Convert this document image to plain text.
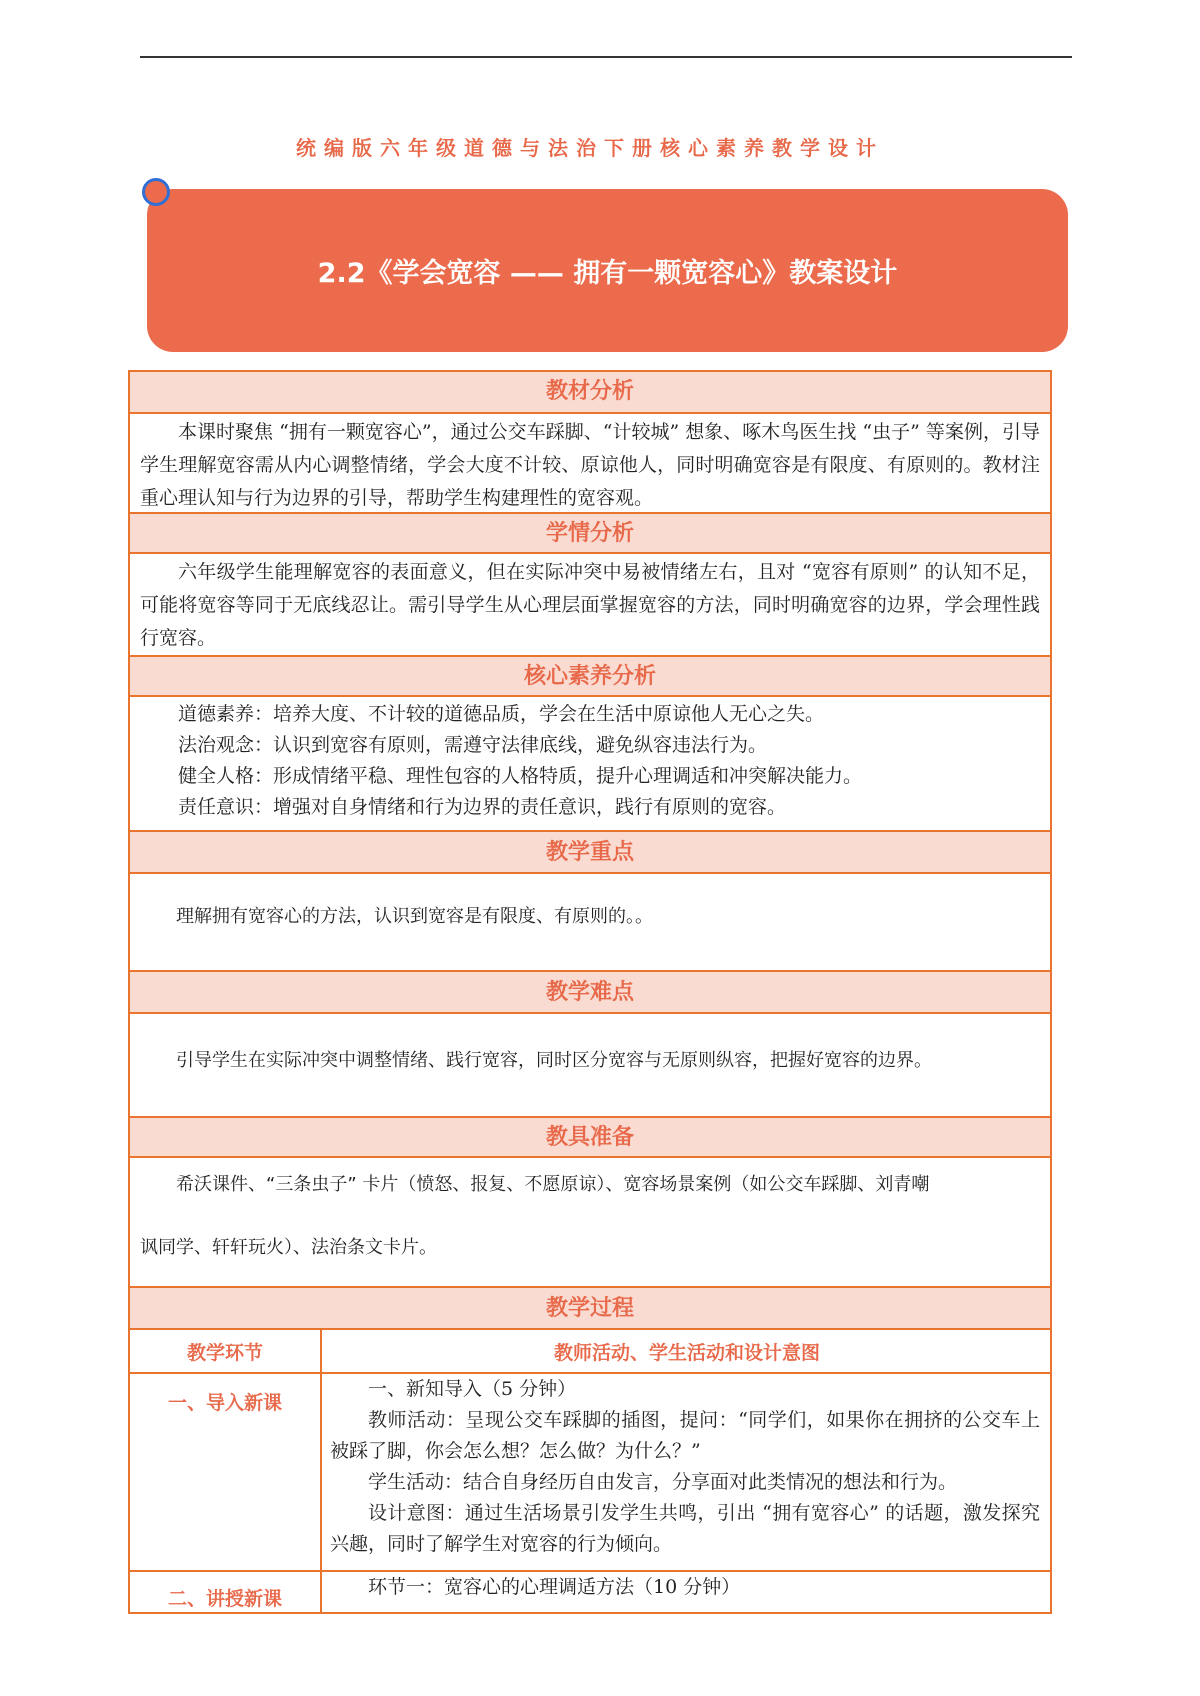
统编版六年级道德与法治下册核心素养教学设计
2.2《学会宽容 —— 拥有一颗宽容心》教案设计
教材分析
本课时聚焦 “拥有一颗宽容心”，通过公交车踩脚、“计较城” 想象、啄木鸟医生找 “虫子” 等案例，引导学生理解宽容需从内心调整情绪，学会大度不计较、原谅他人，同时明确宽容是有限度、有原则的。教材注重心理认知与行为边界的引导，帮助学生构建理性的宽容观。
学情分析
六年级学生能理解宽容的表面意义，但在实际冲突中易被情绪左右，且对 “宽容有原则” 的认知不足，可能将宽容等同于无底线忍让。需引导学生从心理层面掌握宽容的方法，同时明确宽容的边界，学会理性践行宽容。
核心素养分析
道德素养：培养大度、不计较的道德品质，学会在生活中原谅他人无心之失。
法治观念：认识到宽容有原则，需遵守法律底线，避免纵容违法行为。
健全人格：形成情绪平稳、理性包容的人格特质，提升心理调适和冲突解决能力。
责任意识：增强对自身情绪和行为边界的责任意识，践行有原则的宽容。
教学重点
理解拥有宽容心的方法，认识到宽容是有限度、有原则的。。
教学难点
引导学生在实际冲突中调整情绪、践行宽容，同时区分宽容与无原则纵容，把握好宽容的边界。
教具准备
希沃课件、“三条虫子” 卡片（愤怒、报复、不愿原谅）、宽容场景案例（如公交车踩脚、刘青嘲
讽同学、轩轩玩火）、法治条文卡片。
教学过程
教学环节	教师活动、学生活动和设计意图
一、导入新课
一、新知导入（5 分钟）
教师活动：呈现公交车踩脚的插图，提问：“同学们，如果你在拥挤的公交车上被踩了脚，你会怎么想？怎么做？为什么？”
学生活动：结合自身经历自由发言，分享面对此类情况的想法和行为。
设计意图：通过生活场景引发学生共鸣，引出 “拥有宽容心” 的话题，激发探究兴趣，同时了解学生对宽容的行为倾向。
二、讲授新课
环节一：宽容心的心理调适方法（10 分钟）
